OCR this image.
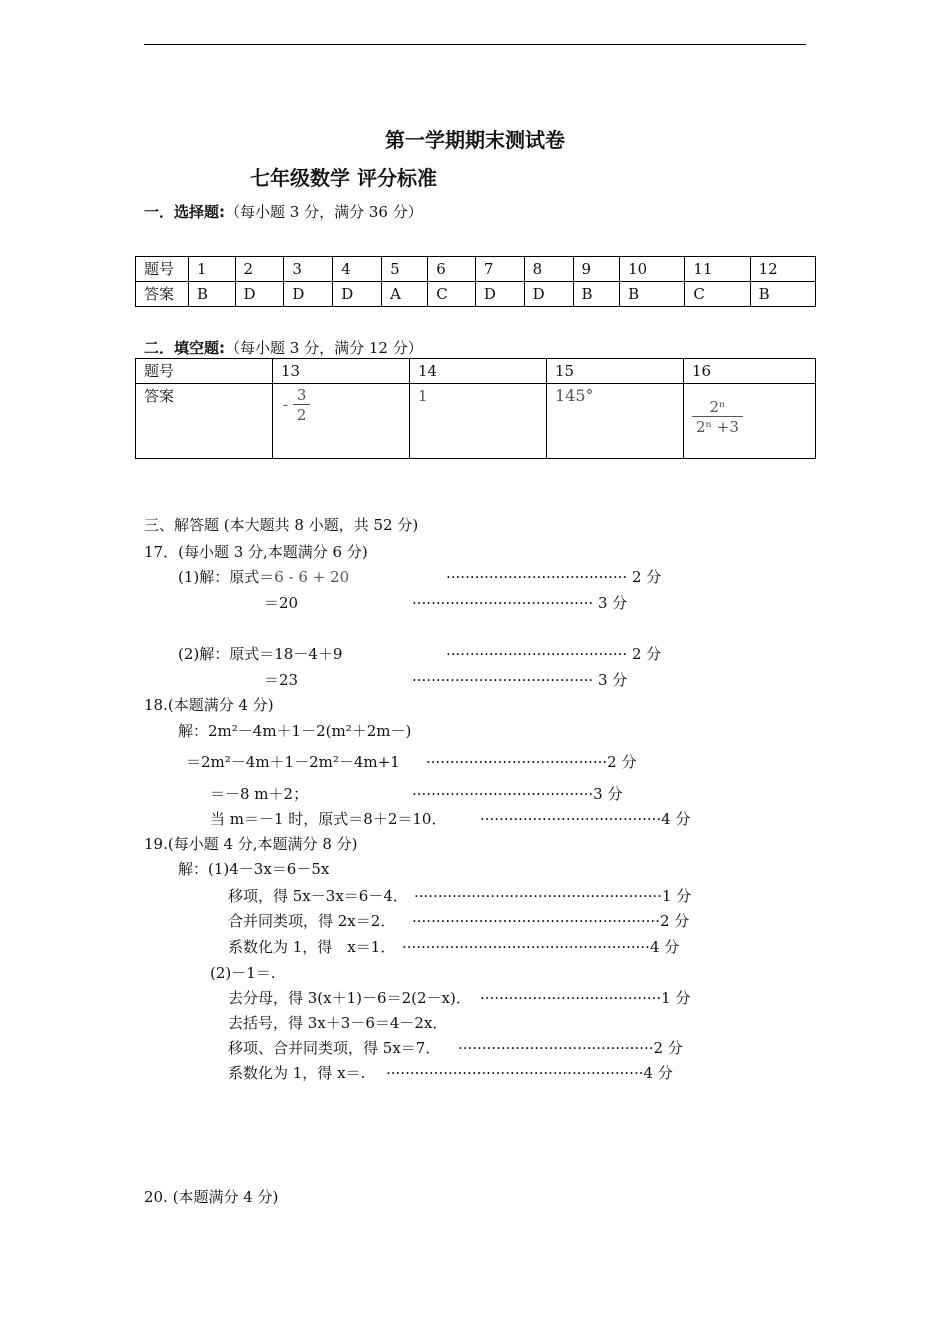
第一学期期末测试卷
七年级数学 评分标准
一．选择题:（每小题 3 分，满分 36 分）
题号	1	2	3	4	5	6	7	8	9	10	11	12
答案	B	D	D	D	A	C	D	D	B	B	C	B
二．填空题:（每小题 3 分，满分 12 分）
题号	13	14	15	16
答案	- $\frac{3}{2}$	1	145°	$\frac{\text{2ⁿ}}{\text{2ⁿ +3}}$
三、解答题 (本大题共 8 小题，共 52 分)
17．(每小题 3 分,本题满分 6 分)
(1)解：原式＝6 - 6 + 20	······································ 2 分
＝20	······································ 3 分
(2)解：原式＝18－4＋9	······································ 2 分
＝23	······································ 3 分
18.(本题满分 4 分)
解：2m²－4m＋1－2(m²＋2m－)
＝2m²－4m＋1－2m²－4m+1 ······································2 分
＝－8 m＋2；	······································3 分
当 m＝－1 时，原式＝8＋2＝10． ······································4 分
19.(每小题 4 分,本题满分 8 分)
解：(1)4－3x＝6－5x
移项，得 5x－3x＝6－4． ····················································1 分
合并同类项，得 2x＝2． ····················································2 分
系数化为 1，得　x＝1． ····················································4 分
(2)－1＝.
去分母，得 3(x＋1)－6＝2(2－x)． ······································1 分
去括号，得 3x＋3－6＝4－2x．
移项、合并同类项，得 5x＝7． ·········································2 分
系数化为 1，得 x＝. ······················································4 分
20. (本题满分 4 分)
